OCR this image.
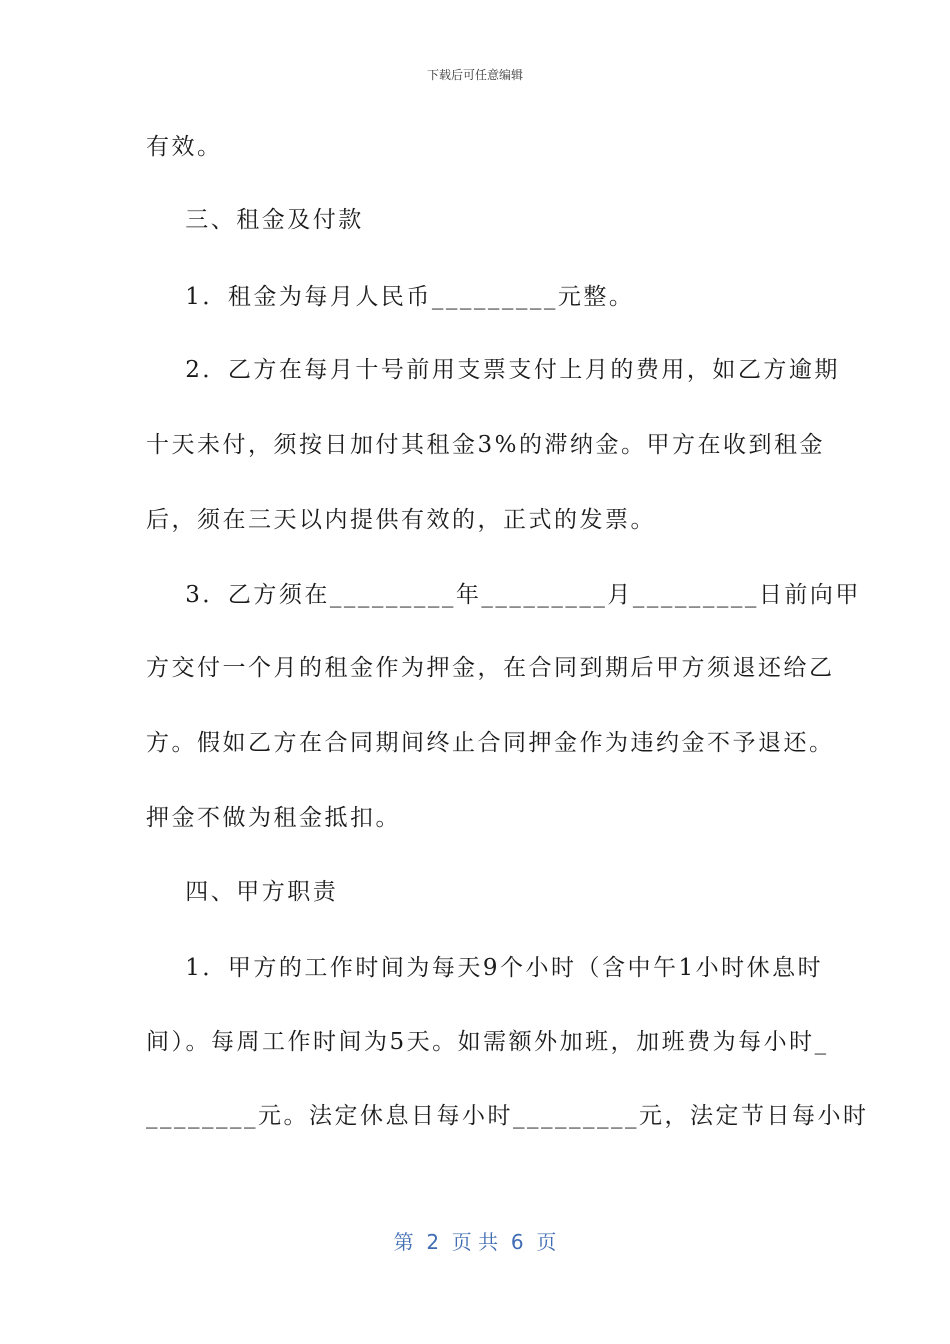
下载后可任意编辑
有效。
三、租金及付款
1．租金为每月人民币_________元整。
2．乙方在每月十号前用支票支付上月的费用，如乙方逾期
十天未付，须按日加付其租金3%的滞纳金。甲方在收到租金
后，须在三天以内提供有效的，正式的发票。
3．乙方须在_________年_________月_________日前向甲
方交付一个月的租金作为押金，在合同到期后甲方须退还给乙
方。假如乙方在合同期间终止合同押金作为违约金不予退还。
押金不做为租金抵扣。
四、甲方职责
1．甲方的工作时间为每天9个小时（含中午1小时休息时
间）。每周工作时间为5天。如需额外加班，加班费为每小时_
________元。法定休息日每小时_________元，法定节日每小时
第  2  页 共  6  页
